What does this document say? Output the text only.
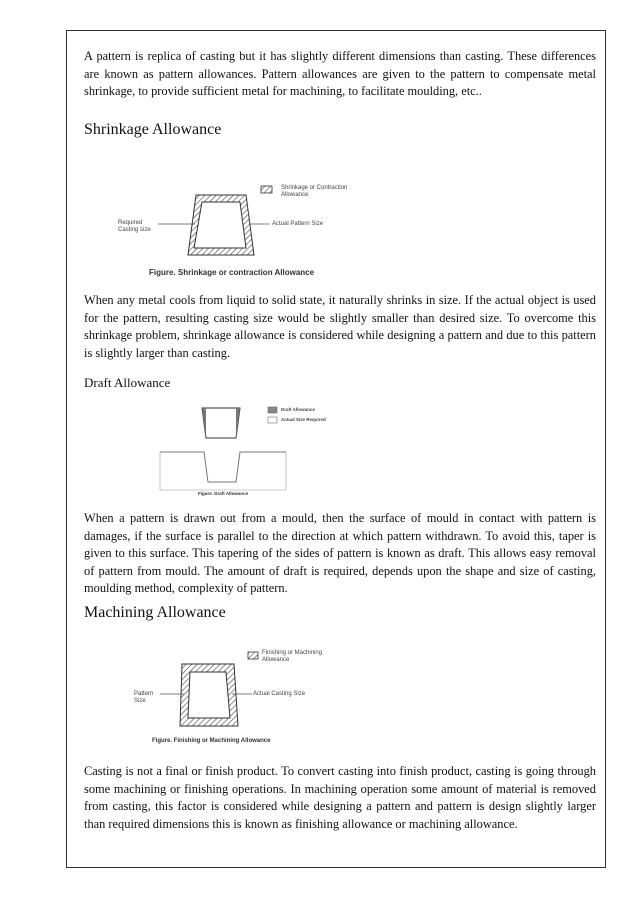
A pattern is replica of casting but it has slightly different dimensions than casting. These differences are known as pattern allowances. Pattern allowances are given to the pattern to compensate metal shrinkage, to provide sufficient metal for machining, to facilitate moulding, etc..

Shrinkage Allowance
Shrinkage or Contraction Allowance
Required Casting size
Actual Pattern Size
Figure. Shrinkage or contraction Allowance

When any metal cools from liquid to solid state, it naturally shrinks in size. If the actual object is used for the pattern, resulting casting size would be slightly smaller than desired size. To overcome this shrinkage problem, shrinkage allowance is considered while designing a pattern and due to this pattern is slightly larger than casting.

Draft Allowance
Draft Allowance
Actual Size Required
Figure. Draft Allowance

When a pattern is drawn out from a mould, then the surface of mould in contact with pattern is damages, if the surface is parallel to the direction at which pattern withdrawn. To avoid this, taper is given to this surface. This tapering of the sides of pattern is known as draft. This allows easy removal of pattern from mould. The amount of draft is required, depends upon the shape and size of casting, moulding method, complexity of pattern.

Machining Allowance
Finishing or Machining Allowance
Pattern Size
Actual Casting Size
Figure. Finishing or Machining Allowance

Casting is not a final or finish product. To convert casting into finish product, casting is going through some machining or finishing operations. In machining operation some amount of material is removed from casting, this factor is considered while designing a pattern and pattern is design slightly larger than required dimensions this is known as finishing allowance or machining allowance.
